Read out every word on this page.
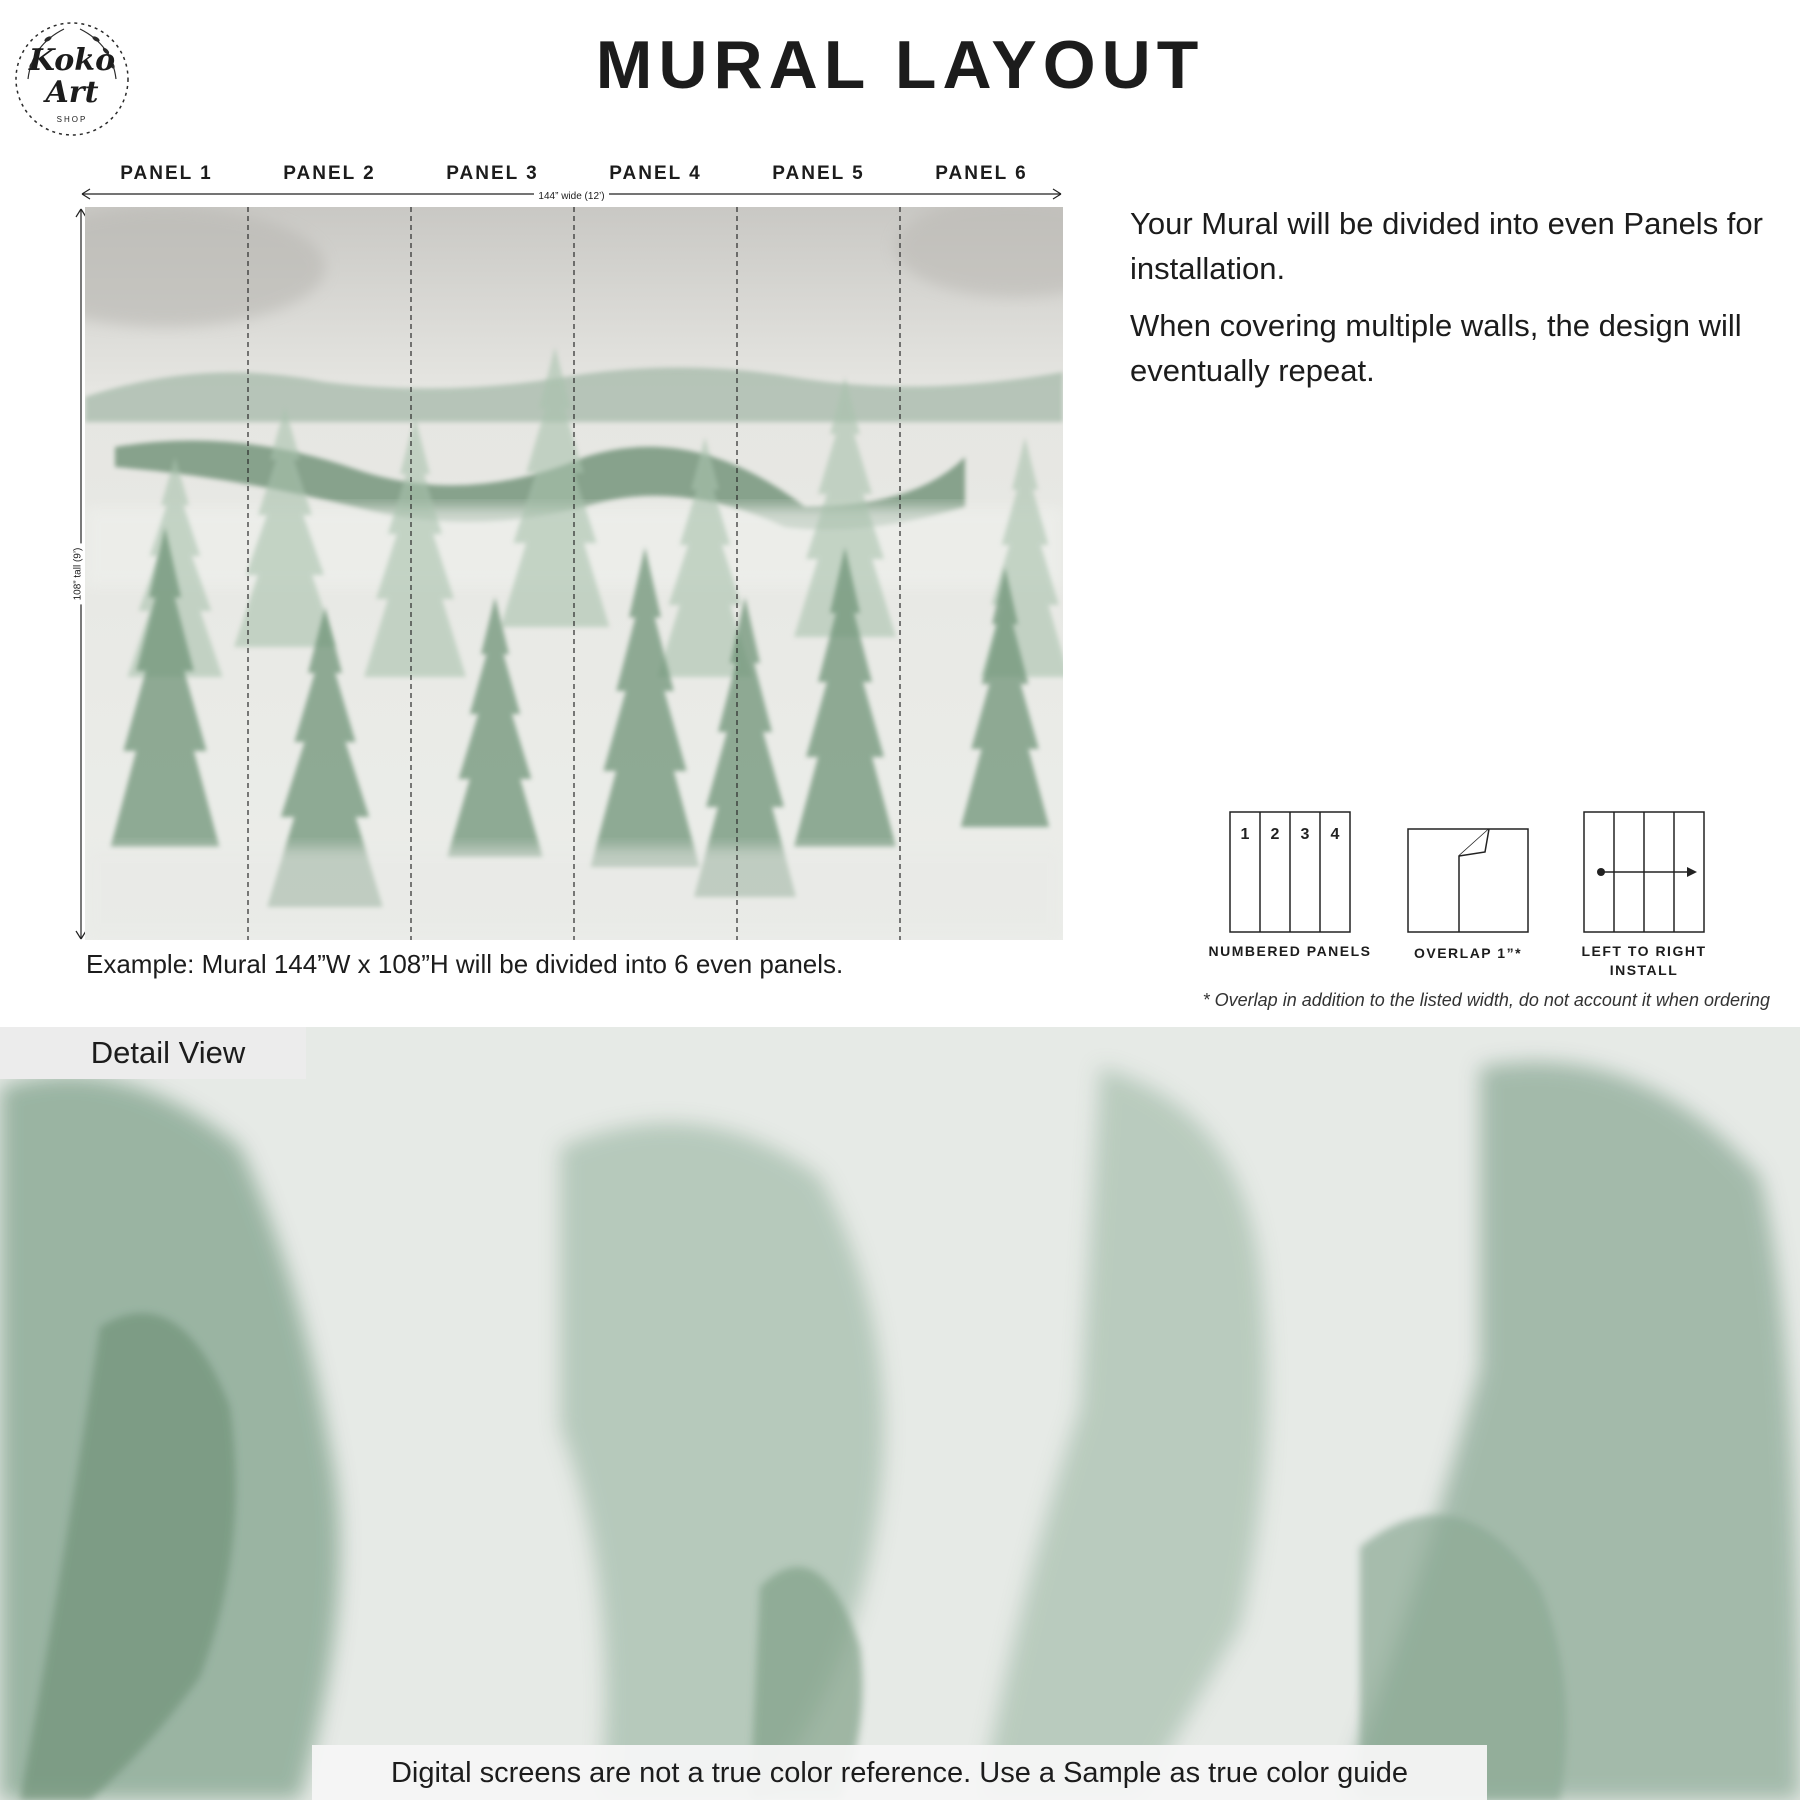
Koko Art
SHOP
MURAL LAYOUT
PANEL 1	PANEL 2	PANEL 3	PANEL 4	PANEL 5	PANEL 6
144” wide (12’)
108” tall (9’)
Example: Mural 144”W x 108”H will be divided into 6 even panels.
Your Mural will be divided into even Panels for installation.
When covering multiple walls, the design will eventually repeat.
1 2 3 4
NUMBERED PANELS	OVERLAP 1”*	LEFT TO RIGHT
INSTALL
* Overlap in addition to the listed width, do not account it when ordering
Detail View
Digital screens are not a true color reference. Use a Sample as true color guide
